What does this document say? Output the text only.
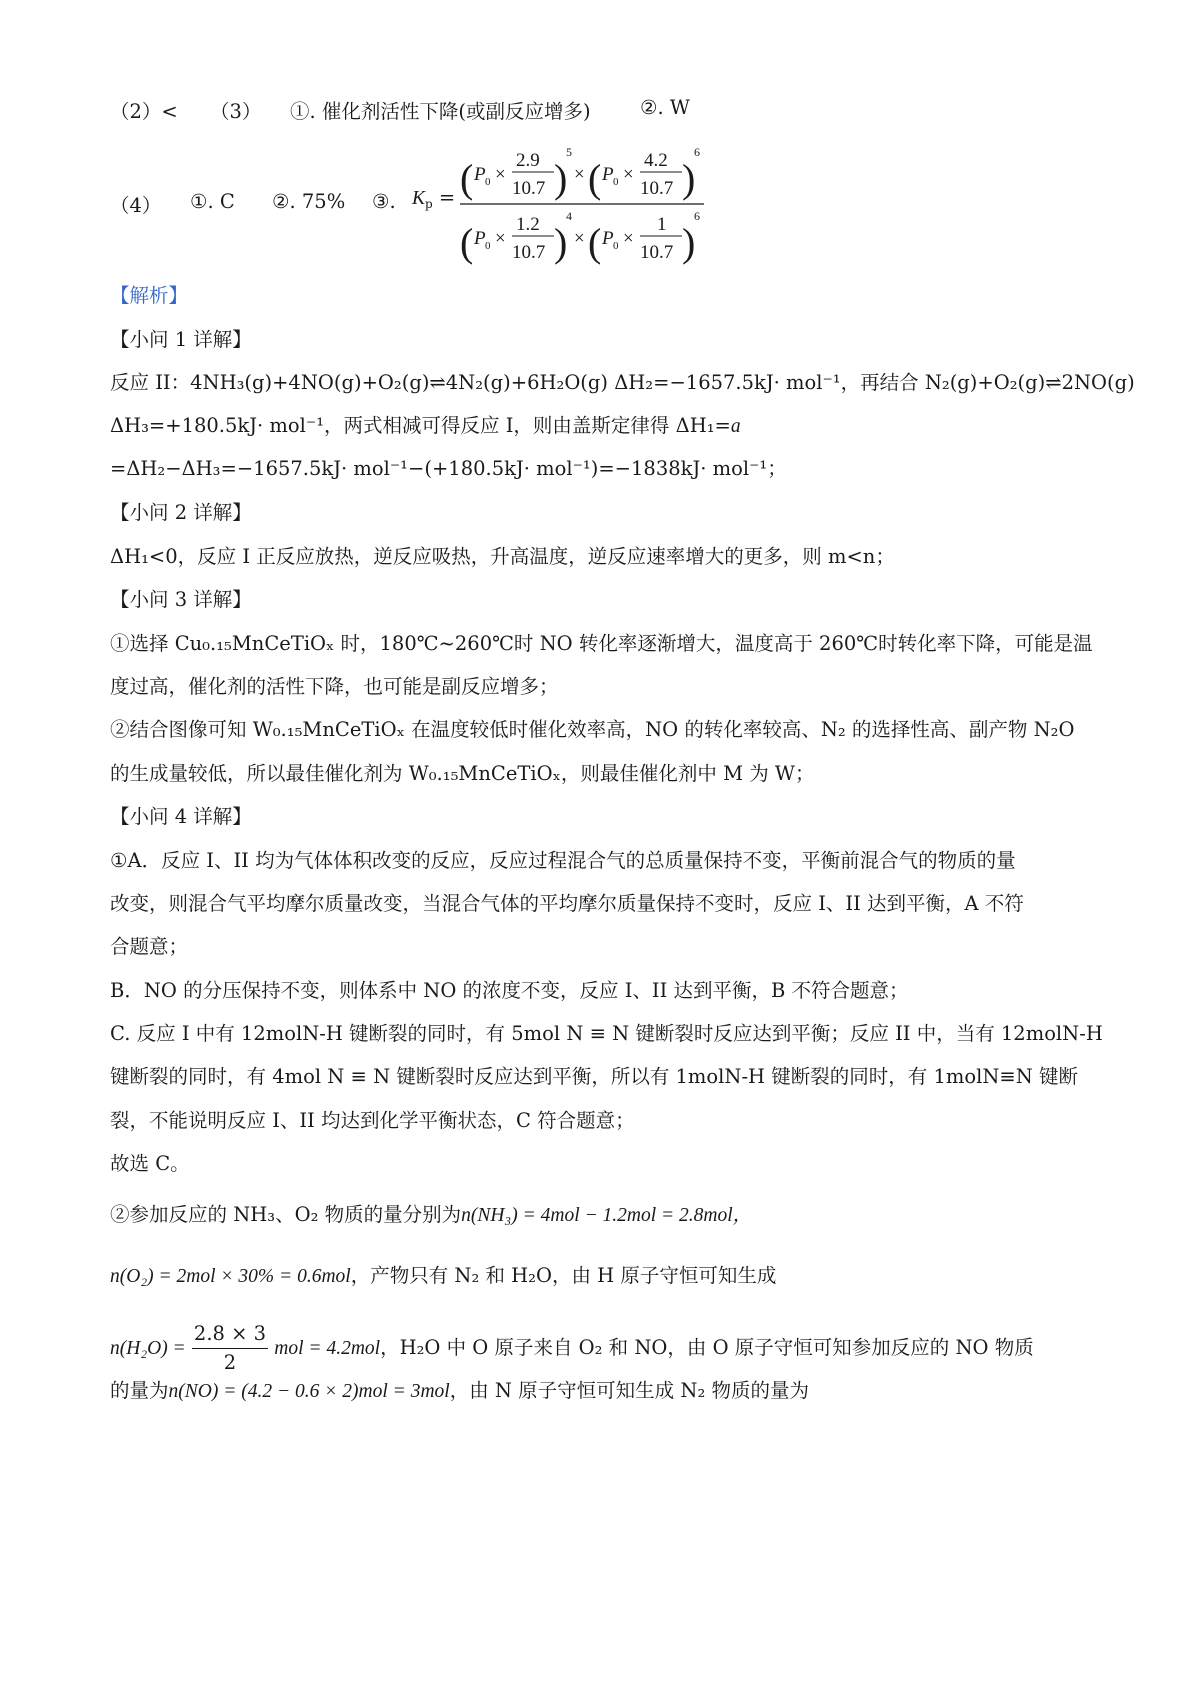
（2）< （3） ①. 催化剂活性下降(或副反应增多)	②. W
（4） ①. C ②. 75% ③. $K_p$ = ( P 0 ×
2.9
10.7 )
5
× ( P 0 ×
4.2
10.7 )
6
( P 0 ×
1.2
10.7 )
4
× ( P 0 ×
1
10.7 )
6
【解析】
【小问 1 详解】
反应 II：4NH₃(g)+4NO(g)+O₂(g)⇌4N₂(g)+6H₂O(g) ΔH₂=−1657.5kJ· mol⁻¹，再结合 N₂(g)+O₂(g)⇌2NO(g)
ΔH₃=+180.5kJ· mol⁻¹，两式相减可得反应 I，则由盖斯定律得 ΔH₁=a
=ΔH₂−ΔH₃=−1657.5kJ· mol⁻¹−(+180.5kJ· mol⁻¹)=−1838kJ· mol⁻¹；
【小问 2 详解】
ΔH₁<0，反应 I 正反应放热，逆反应吸热，升高温度，逆反应速率增大的更多，则 m<n；
【小问 3 详解】
①选择 Cu₀.₁₅MnCeTiOₓ 时，180℃~260℃时 NO 转化率逐渐增大，温度高于 260℃时转化率下降，可能是温
度过高，催化剂的活性下降，也可能是副反应增多；
②结合图像可知 W₀.₁₅MnCeTiOₓ 在温度较低时催化效率高，NO 的转化率较高、N₂ 的选择性高、副产物 N₂O
的生成量较低，所以最佳催化剂为 W₀.₁₅MnCeTiOₓ，则最佳催化剂中 M 为 W；
【小问 4 详解】
①A．反应 I、II 均为气体体积改变的反应，反应过程混合气的总质量保持不变，平衡前混合气的物质的量
改变，则混合气平均摩尔质量改变，当混合气体的平均摩尔质量保持不变时，反应 I、II 达到平衡，A 不符
合题意；
B．NO 的分压保持不变，则体系中 NO 的浓度不变，反应 I、II 达到平衡，B 不符合题意；
C. 反应 I 中有 12molN-H 键断裂的同时，有 5mol N ≡ N 键断裂时反应达到平衡；反应 II 中，当有 12molN-H
键断裂的同时，有 4mol N ≡ N 键断裂时反应达到平衡，所以有 1molN-H 键断裂的同时，有 1molN≡N 键断
裂，不能说明反应 I、II 均达到化学平衡状态，C 符合题意；
故选 C。
②参加反应的 NH₃、O₂ 物质的量分别为n(NH₃) = 4mol − 1.2mol = 2.8mol，
n(O₂) = 2mol × 30% = 0.6mol，产物只有 N₂ 和 H₂O，由 H 原子守恒可知生成
$n(H_2O) = \frac{2.8 \times 3}{2}$ mol = 4.2mol，H₂O 中 O 原子来自 O₂ 和 NO，由 O 原子守恒可知参加反应的 NO 物质
的量为n(NO) = (4.2 − 0.6 × 2)mol = 3mol，由 N 原子守恒可知生成 N₂ 物质的量为
